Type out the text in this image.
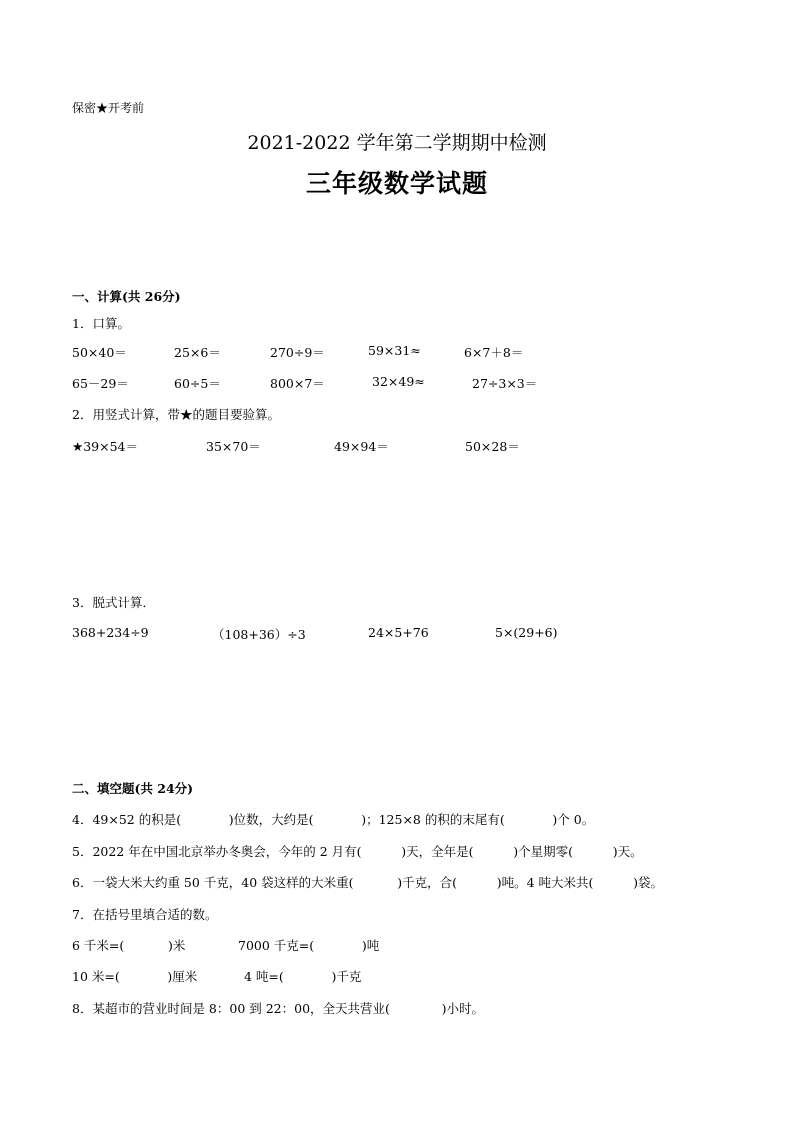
保密★开考前
2021-2022 学年第二学期期中检测
三年级数学试题
一、计算(共 26分)
1．口算。
50×40＝	25×6＝	270÷9＝	59×31≈	6×7＋8＝
65－29＝	60÷5＝	800×7＝	32×49≈	27÷3×3＝
2．用竖式计算，带★的题目要验算。
★39×54＝	35×70＝	49×94＝	50×28＝
3．脱式计算．
368+234÷9	（108+36）÷3	24×5+76	5×(29+6)
二、填空题(共 24分)
4．49×52 的积是(            )位数，大约是(            )；125×8 的积的末尾有(            )个 0。
5．2022 年在中国北京举办冬奥会，今年的 2 月有(          )天，全年是(          )个星期零(          )天。
6．一袋大米大约重 50 千克，40 袋这样的大米重(           )千克，合(          )吨。4 吨大米共(          )袋。
7．在括号里填合适的数。
6 千米=(           )米	7000 千克=(            )吨
10 米=(            )厘米	4 吨=(            )千克
8．某超市的营业时间是 8：00 到 22：00，全天共营业(             )小时。
